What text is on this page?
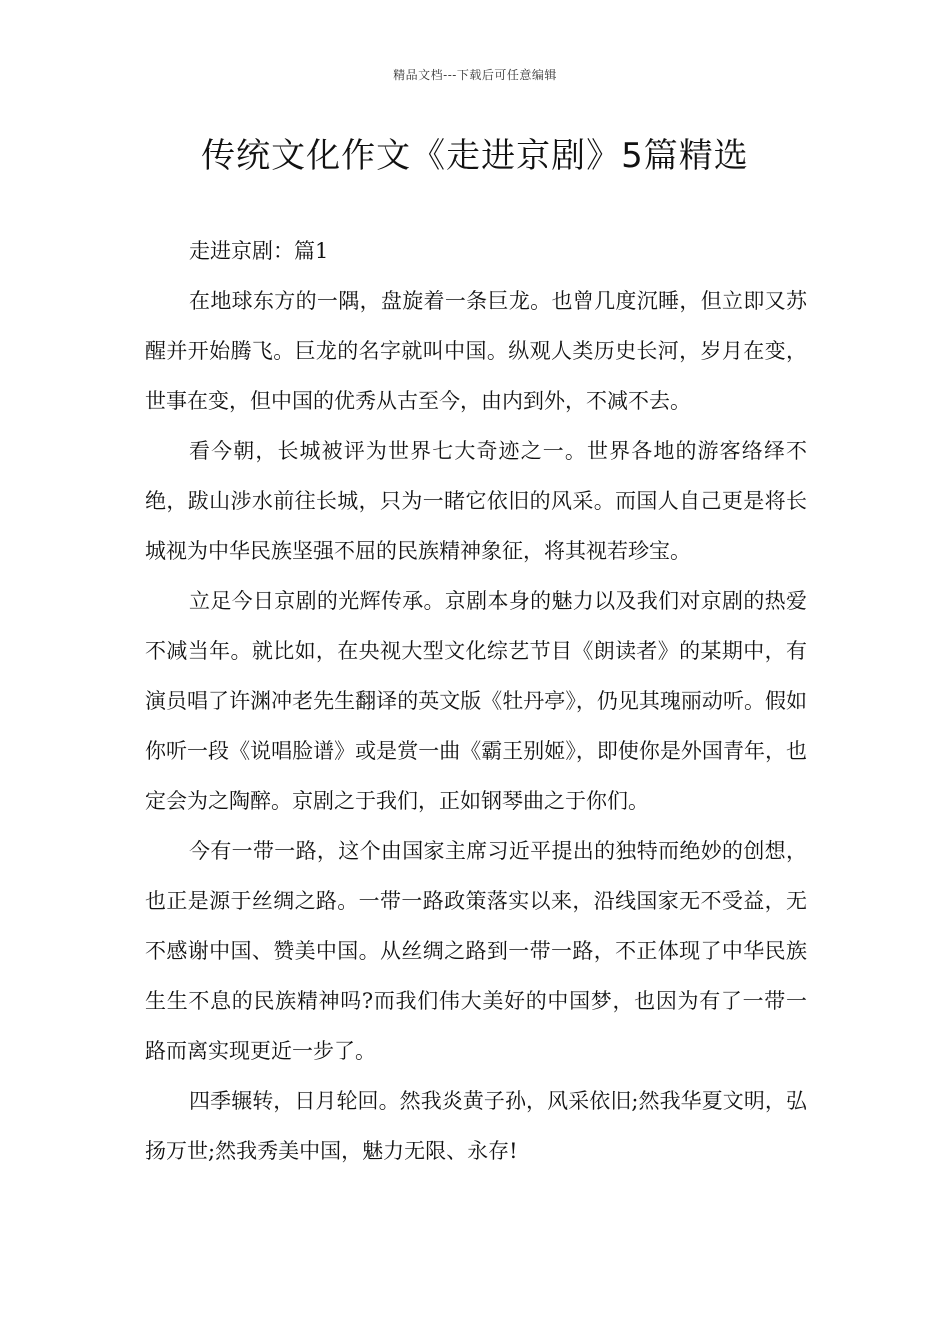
精品文档---下载后可任意编辑
传统文化作文《走进京剧》5篇精选

走进京剧：篇1

在地球东方的一隅，盘旋着一条巨龙。也曾几度沉睡，但立即又苏醒并开始腾飞。巨龙的名字就叫中国。纵观人类历史长河，岁月在变，世事在变，但中国的优秀从古至今，由内到外，不减不去。

看今朝，长城被评为世界七大奇迹之一。世界各地的游客络绎不绝，跋山涉水前往长城，只为一睹它依旧的风采。而国人自己更是将长城视为中华民族坚强不屈的民族精神象征，将其视若珍宝。

立足今日京剧的光辉传承。京剧本身的魅力以及我们对京剧的热爱不减当年。就比如，在央视大型文化综艺节目《朗读者》的某期中，有演员唱了许渊冲老先生翻译的英文版《牡丹亭》，仍见其瑰丽动听。假如你听一段《说唱脸谱》或是赏一曲《霸王别姬》，即使你是外国青年，也定会为之陶醉。京剧之于我们，正如钢琴曲之于你们。

今有一带一路，这个由国家主席习近平提出的独特而绝妙的创想，也正是源于丝绸之路。一带一路政策落实以来，沿线国家无不受益，无不感谢中国、赞美中国。从丝绸之路到一带一路，不正体现了中华民族生生不息的民族精神吗?而我们伟大美好的中国梦，也因为有了一带一路而离实现更近一步了。

四季辗转，日月轮回。然我炎黄子孙，风采依旧;然我华夏文明，弘扬万世;然我秀美中国，魅力无限、永存!
